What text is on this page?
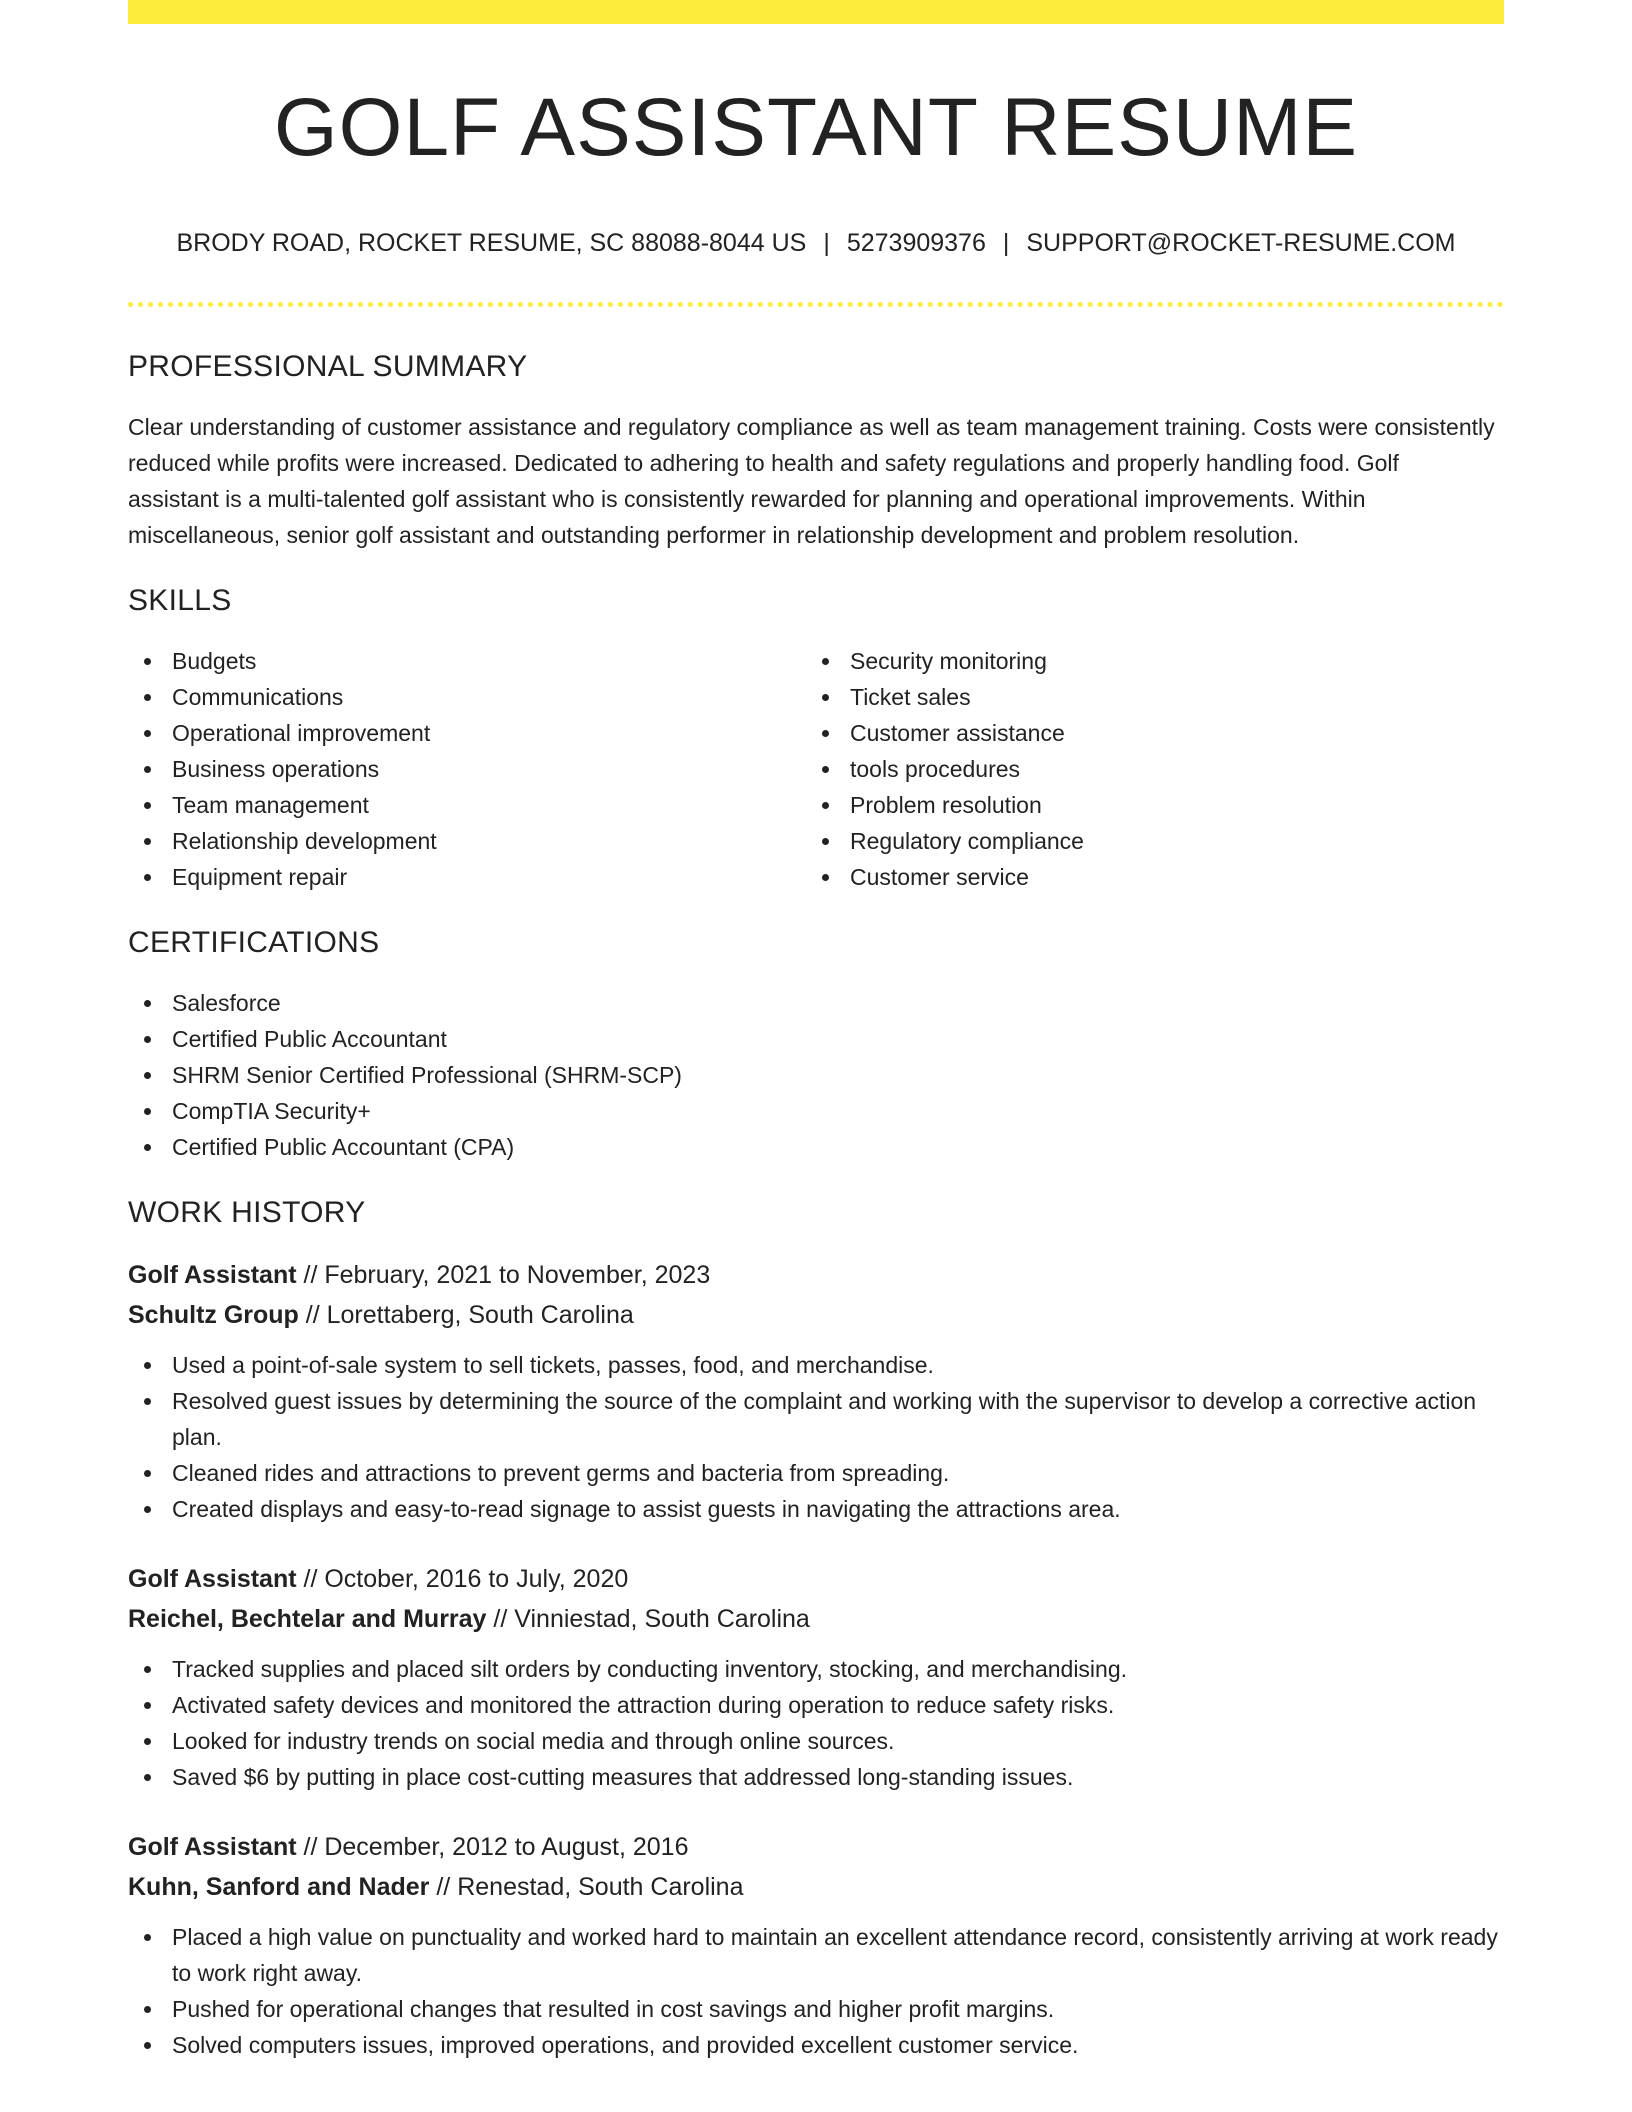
GOLF ASSISTANT RESUME
BRODY ROAD, ROCKET RESUME, SC 88088-8044 US | 5273909376 | SUPPORT@ROCKET-RESUME.COM
PROFESSIONAL SUMMARY

Clear understanding of customer assistance and regulatory compliance as well as team management training. Costs were consistently reduced while profits were increased. Dedicated to adhering to health and safety regulations and properly handling food. Golf assistant is a multi-talented golf assistant who is consistently rewarded for planning and operational improvements. Within miscellaneous, senior golf assistant and outstanding performer in relationship development and problem resolution.

SKILLS
Budgets
Communications
Operational improvement
Business operations
Team management
Relationship development
Equipment repair
Security monitoring
Ticket sales
Customer assistance
tools procedures
Problem resolution
Regulatory compliance
Customer service
CERTIFICATIONS
Salesforce
Certified Public Accountant
SHRM Senior Certified Professional (SHRM-SCP)
CompTIA Security+
Certified Public Accountant (CPA)
WORK HISTORY
Golf Assistant // February, 2021 to November, 2023
Schultz Group // Lorettaberg, South Carolina
Used a point-of-sale system to sell tickets, passes, food, and merchandise.
Resolved guest issues by determining the source of the complaint and working with the supervisor to develop a corrective action plan.
Cleaned rides and attractions to prevent germs and bacteria from spreading.
Created displays and easy-to-read signage to assist guests in navigating the attractions area.
Golf Assistant // October, 2016 to July, 2020
Reichel, Bechtelar and Murray // Vinniestad, South Carolina
Tracked supplies and placed silt orders by conducting inventory, stocking, and merchandising.
Activated safety devices and monitored the attraction during operation to reduce safety risks.
Looked for industry trends on social media and through online sources.
Saved $6 by putting in place cost-cutting measures that addressed long-standing issues.
Golf Assistant // December, 2012 to August, 2016
Kuhn, Sanford and Nader // Renestad, South Carolina
Placed a high value on punctuality and worked hard to maintain an excellent attendance record, consistently arriving at work ready to work right away.
Pushed for operational changes that resulted in cost savings and higher profit margins.
Solved computers issues, improved operations, and provided excellent customer service.
